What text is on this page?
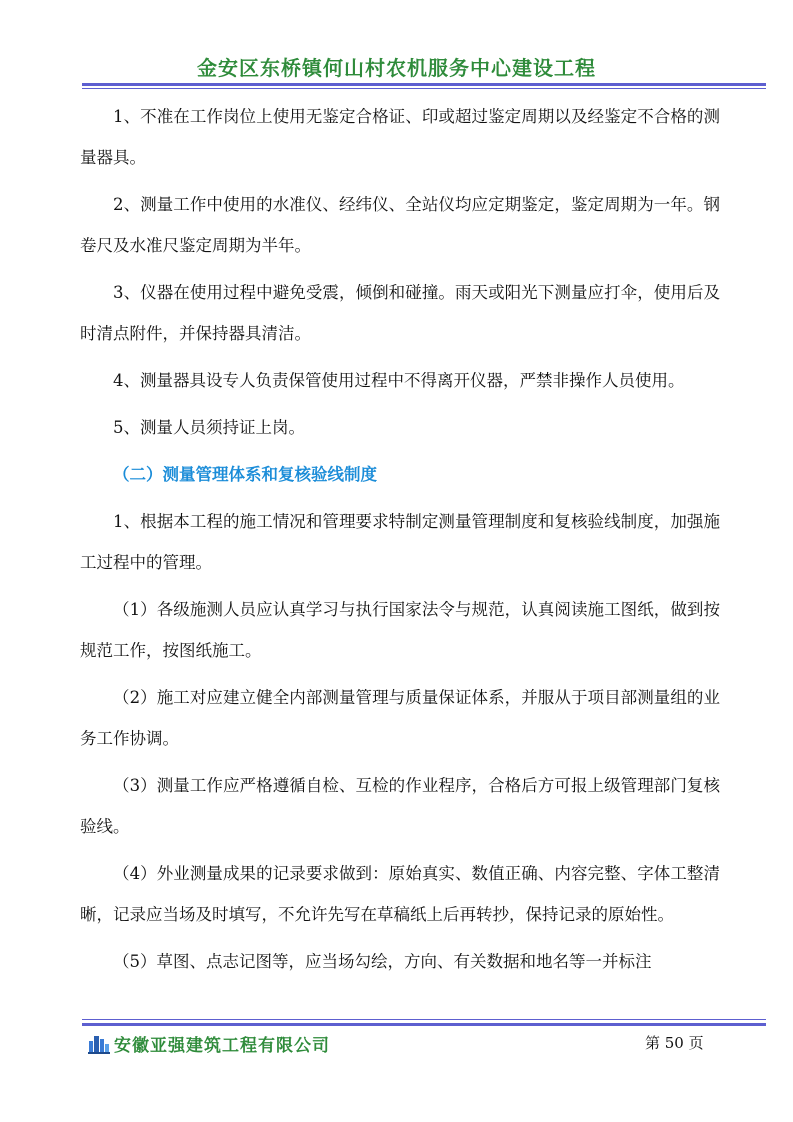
金安区东桥镇何山村农机服务中心建设工程

1、不准在工作岗位上使用无鉴定合格证、印或超过鉴定周期以及经鉴定不合格的测量器具。

2、测量工作中使用的水准仪、经纬仪、全站仪均应定期鉴定，鉴定周期为一年。钢卷尺及水准尺鉴定周期为半年。

3、仪器在使用过程中避免受震，倾倒和碰撞。雨天或阳光下测量应打伞，使用后及时清点附件，并保持器具清洁。

4、测量器具设专人负责保管使用过程中不得离开仪器，严禁非操作人员使用。

5、测量人员须持证上岗。

（二）测量管理体系和复核验线制度

1、根据本工程的施工情况和管理要求特制定测量管理制度和复核验线制度，加强施工过程中的管理。

（1）各级施测人员应认真学习与执行国家法令与规范，认真阅读施工图纸，做到按规范工作，按图纸施工。

（2）施工对应建立健全内部测量管理与质量保证体系，并服从于项目部测量组的业务工作协调。

（3）测量工作应严格遵循自检、互检的作业程序，合格后方可报上级管理部门复核验线。

（4）外业测量成果的记录要求做到：原始真实、数值正确、内容完整、字体工整清晰，记录应当场及时填写，不允许先写在草稿纸上后再转抄，保持记录的原始性。

（5）草图、点志记图等，应当场勾绘，方向、有关数据和地名等一并标注

安徽亚强建筑工程有限公司	第 50 页
